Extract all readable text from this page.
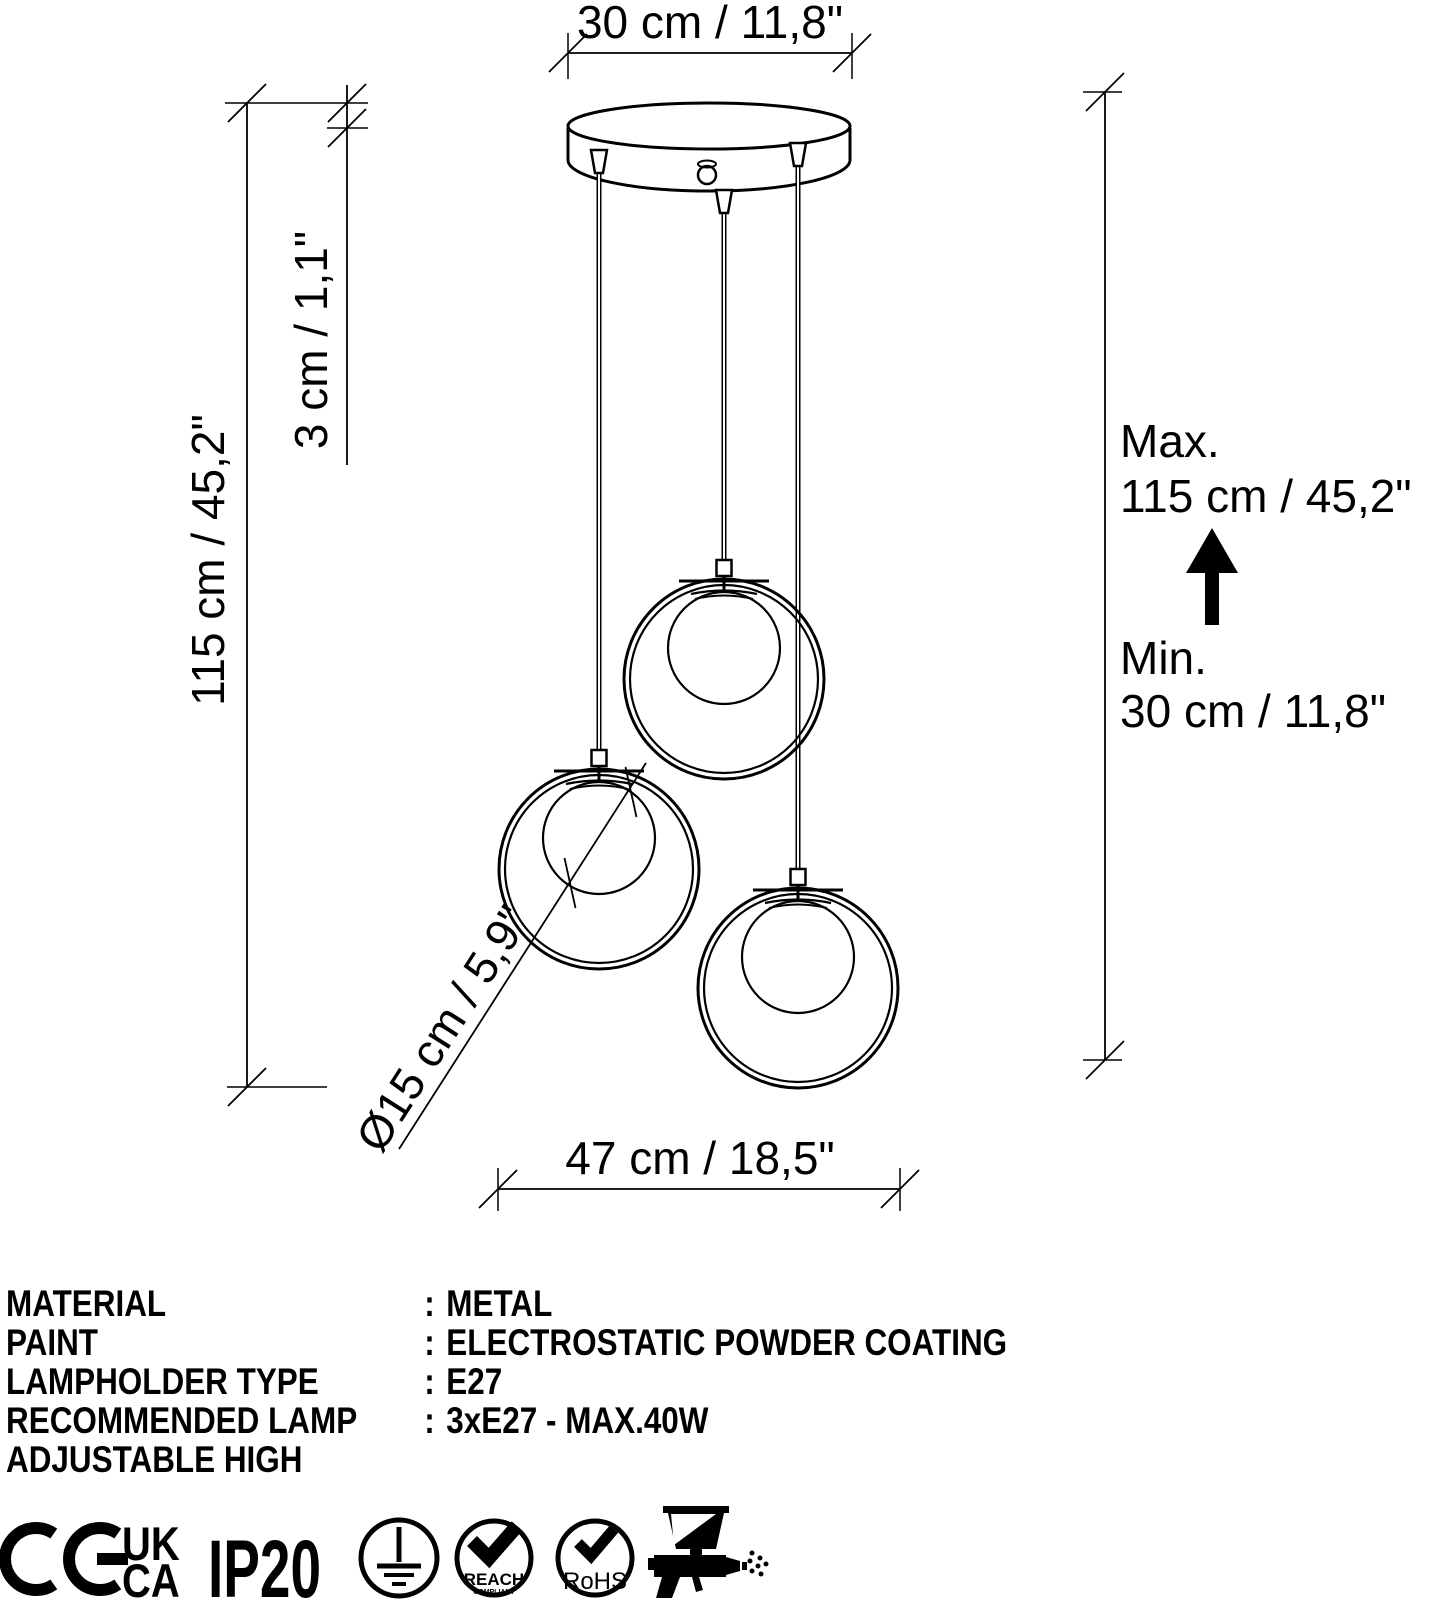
30 cm / 11,8"
Ø15 cm / 5,9"
115 cm / 45,2"
3 cm / 1,1"	Max.
115 cm / 45,2"
Min.
30 cm / 11,8"
47 cm / 18,5"
MATERIAL	: METAL
PAINT	: ELECTROSTATIC POWDER COATING
LAMPHOLDER TYPE	: E27
RECOMMENDED LAMP : 3xE27 - MAX.40W
ADJUSTABLE HIGH
UK
CA IP20	REACH
COMPLIANT RoHS
